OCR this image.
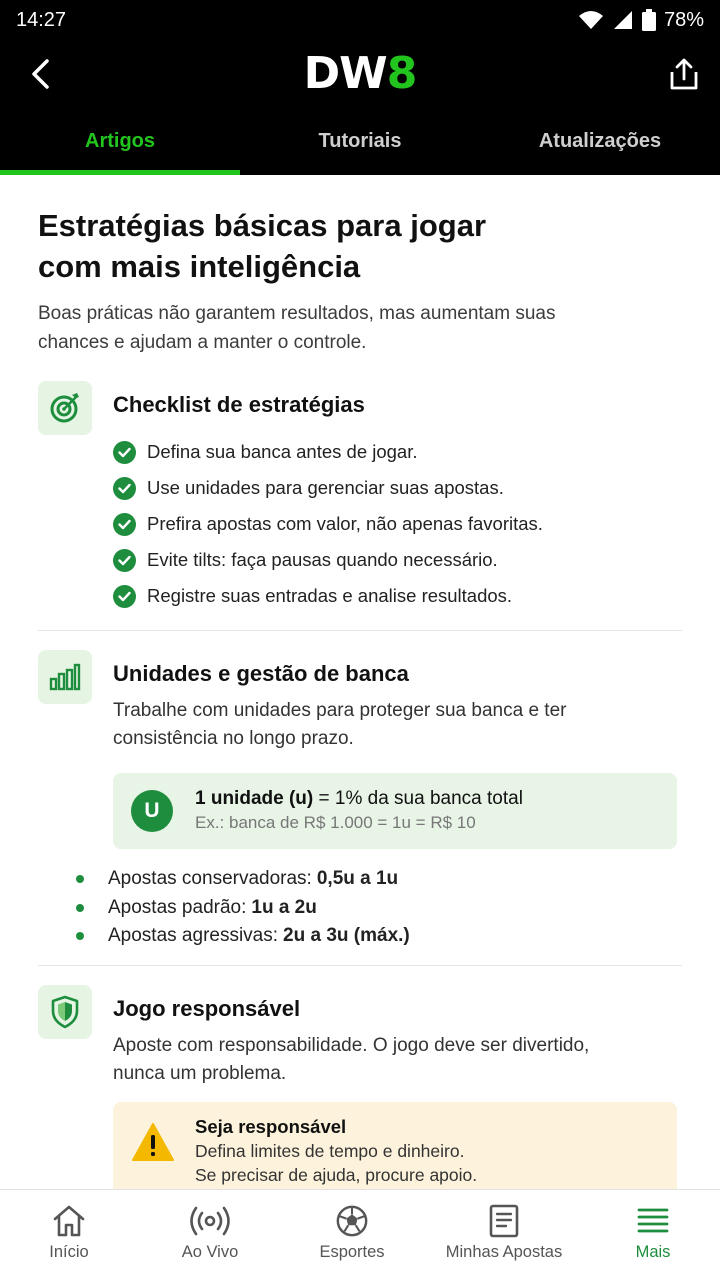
14:27	78%
DW8
Artigos	Tutoriais	Atualizações
Estratégias básicas para jogar com mais inteligência

Boas práticas não garantem resultados, mas aumentam suas chances e ajudam a manter o controle.

Checklist de estratégias
Defina sua banca antes de jogar.
Use unidades para gerenciar suas apostas.
Prefira apostas com valor, não apenas favoritas.
Evite tilts: faça pausas quando necessário.
Registre suas entradas e analise resultados.
Unidades e gestão de banca

Trabalhe com unidades para proteger sua banca e ter consistência no longo prazo.

U
1 unidade (u) = 1% da sua banca total
Ex.: banca de R$ 1.000 = 1u = R$ 10
Apostas conservadoras: 0,5u a 1u
Apostas padrão: 1u a 2u
Apostas agressivas: 2u a 3u (máx.)
Jogo responsável

Aposte com responsabilidade. O jogo deve ser divertido, nunca um problema.

Seja responsável
Defina limites de tempo e dinheiro.
Se precisar de ajuda, procure apoio.
Início	Ao Vivo	Esportes	Minhas Apostas	Mais
